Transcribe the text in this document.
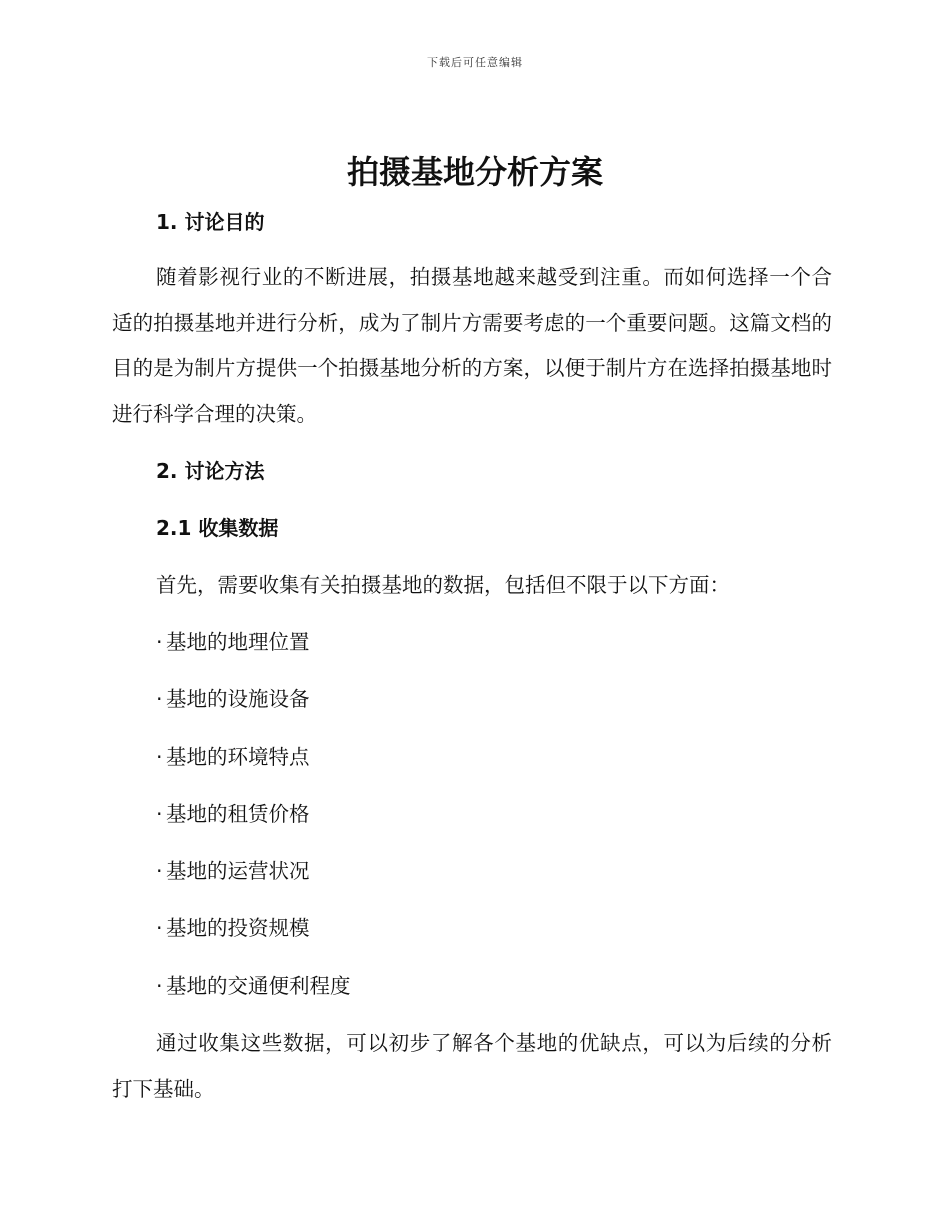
下载后可任意编辑
拍摄基地分析方案
1. 讨论目的

随着影视行业的不断进展，拍摄基地越来越受到注重。而如何选择一个合适的拍摄基地并进行分析，成为了制片方需要考虑的一个重要问题。这篇文档的目的是为制片方提供一个拍摄基地分析的方案，以便于制片方在选择拍摄基地时进行科学合理的决策。

2. 讨论方法
2.1 收集数据

首先，需要收集有关拍摄基地的数据，包括但不限于以下方面：

· 基地的地理位置
· 基地的设施设备
· 基地的环境特点
· 基地的租赁价格
· 基地的运营状况
· 基地的投资规模
· 基地的交通便利程度

通过收集这些数据，可以初步了解各个基地的优缺点，可以为后续的分析打下基础。
